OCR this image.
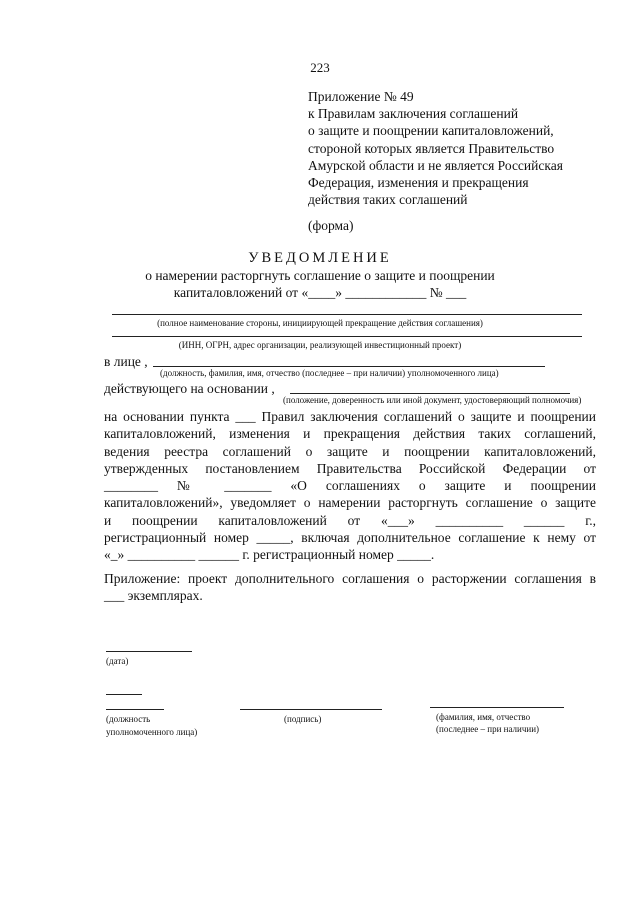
223
Приложение № 49
к Правилам заключения соглашений
о защите и поощрении капиталовложений,
стороной которых является Правительство
Амурской области и не является Российская
Федерация, изменения и прекращения
действия таких соглашений
(форма)
УВЕДОМЛЕНИЕ
о намерении расторгнуть соглашение о защите и поощрении
капиталовложений от «____» ____________ № ___
(полное наименование стороны, инициирующей прекращение действия соглашения)
(ИНН, ОГРН, адрес организации, реализующей инвестиционный проект)
в лице ,
(должность, фамилия, имя, отчество (последнее – при наличии) уполномоченного лица)
действующего на основании ,
(положение, доверенность или иной документ, удостоверяющий полномочия)
на основании пункта ___ Правил заключения соглашений о защите и поощрении
капиталовложений, изменения и прекращения действия таких соглашений,
ведения реестра соглашений о защите и поощрении капиталовложений,
утвержденных постановлением Правительства Российской Федерации от
________ № _______ «О соглашениях о защите и поощрении
капиталовложений», уведомляет о намерении расторгнуть соглашение о защите
и поощрении капиталовложений от «___» __________ ______ г.,
регистрационный номер _____, включая дополнительное соглашение к нему от
«_» __________ ______ г. регистрационный номер _____.
Приложение: проект дополнительного соглашения о расторжении соглашения в
___ экземплярах.
(дата)
(должность
уполномоченного лица)
(подпись)	(фамилия, имя, отчество
(последнее – при наличии)
